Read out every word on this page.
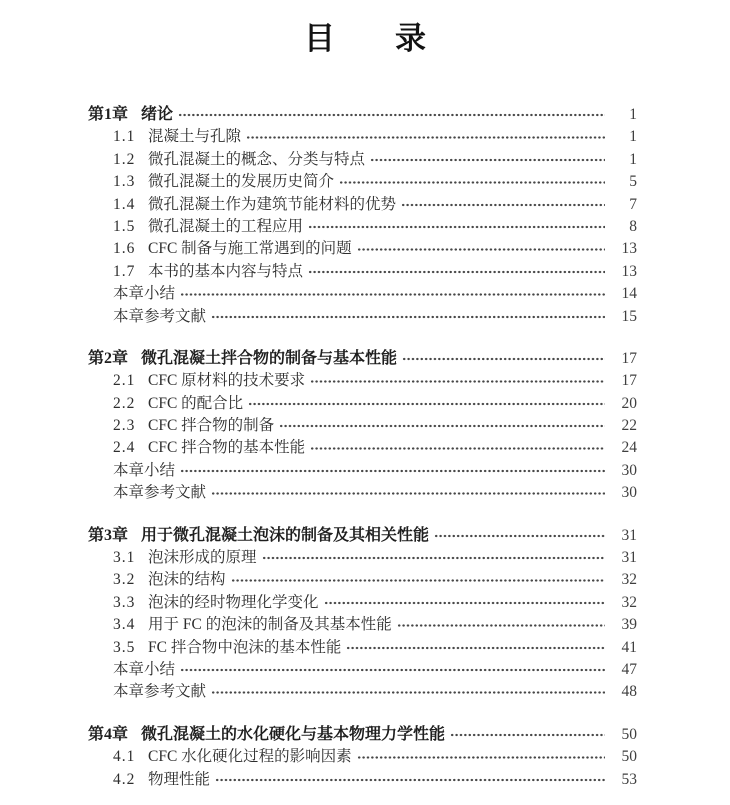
目 录
第1章 绪论	1
1.1 混凝土与孔隙	1
1.2 微孔混凝土的概念、分类与特点	1
1.3 微孔混凝土的发展历史简介	5
1.4 微孔混凝土作为建筑节能材料的优势	7
1.5 微孔混凝土的工程应用	8
1.6 CFC 制备与施工常遇到的问题	13
1.7 本书的基本内容与特点	13
本章小结	14
本章参考文献	15
第2章 微孔混凝土拌合物的制备与基本性能	17
2.1 CFC 原材料的技术要求	17
2.2 CFC 的配合比	20
2.3 CFC 拌合物的制备	22
2.4 CFC 拌合物的基本性能	24
本章小结	30
本章参考文献	30
第3章 用于微孔混凝土泡沫的制备及其相关性能	31
3.1 泡沫形成的原理	31
3.2 泡沫的结构	32
3.3 泡沫的经时物理化学变化	32
3.4 用于 FC 的泡沫的制备及其基本性能	39
3.5 FC 拌合物中泡沫的基本性能	41
本章小结	47
本章参考文献	48
第4章 微孔混凝土的水化硬化与基本物理力学性能	50
4.1 CFC 水化硬化过程的影响因素	50
4.2 物理性能	53
